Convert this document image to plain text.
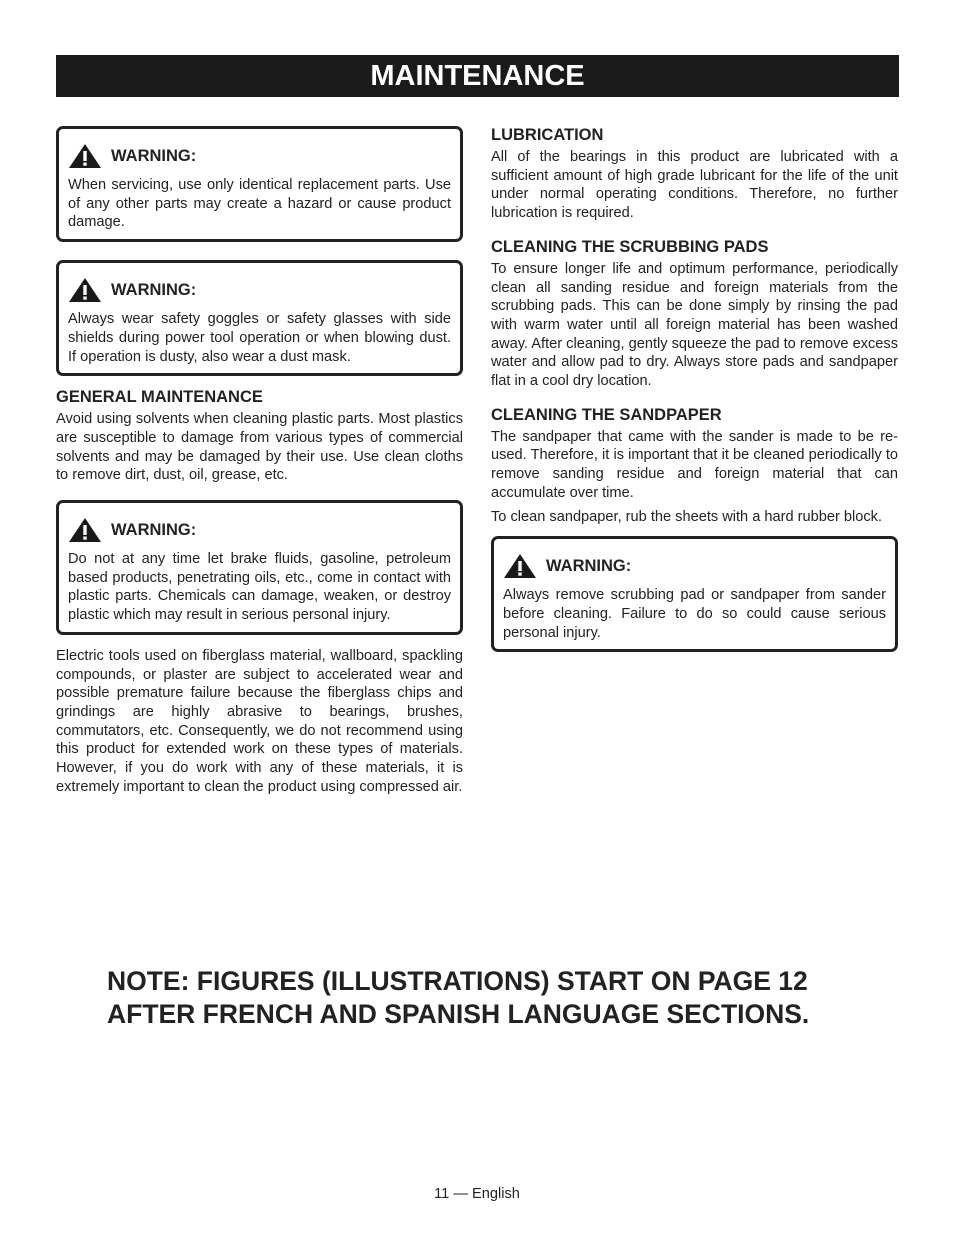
MAINTENANCE
WARNING:

When servicing, use only identical replacement parts. Use of any other parts may create a hazard or cause product damage.

WARNING:

Always wear safety goggles or safety glasses with side shields during power tool operation or when blowing dust. If operation is dusty, also wear a dust mask.

GENERAL MAINTENANCE

Avoid using solvents when cleaning plastic parts. Most plastics are susceptible to damage from various types of commercial solvents and may be damaged by their use. Use clean cloths to remove dirt, dust, oil, grease, etc.

WARNING:

Do not at any time let brake fluids, gasoline, petroleum based products, penetrating oils, etc., come in contact with plastic parts. Chemicals can damage, weaken, or destroy plastic which may result in serious personal injury.

Electric tools used on fiberglass material, wallboard, spackling compounds, or plaster are subject to accelerated wear and possible premature failure because the fiberglass chips and grindings are highly abrasive to bearings, brushes, commutators, etc. Consequently, we do not recommend using this product for extended work on these types of materials. However, if you do work with any of these materials, it is extremely important to clean the product using compressed air.

LUBRICATION

All of the bearings in this product are lubricated with a sufficient amount of high grade lubricant for the life of the unit under normal operating conditions. Therefore, no further lubrication is required.

CLEANING THE SCRUBBING PADS

To ensure longer life and optimum performance, periodically clean all sanding residue and foreign materials from the scrubbing pads. This can be done simply by rinsing the pad with warm water until all foreign material has been washed away. After cleaning, gently squeeze the pad to remove excess water and allow pad to dry. Always store pads and sandpaper flat in a cool dry location.

CLEANING THE SANDPAPER

The sandpaper that came with the sander is made to be re-used. Therefore, it is important that it be cleaned periodically to remove sanding residue and foreign material that can accumulate over time.

To clean sandpaper, rub the sheets with a hard rubber block.

WARNING:

Always remove scrubbing pad or sandpaper from sander before cleaning. Failure to do so could cause serious personal injury.

NOTE: FIGURES (ILLUSTRATIONS) START ON PAGE 12
AFTER FRENCH AND SPANISH LANGUAGE SECTIONS.
11 — English
